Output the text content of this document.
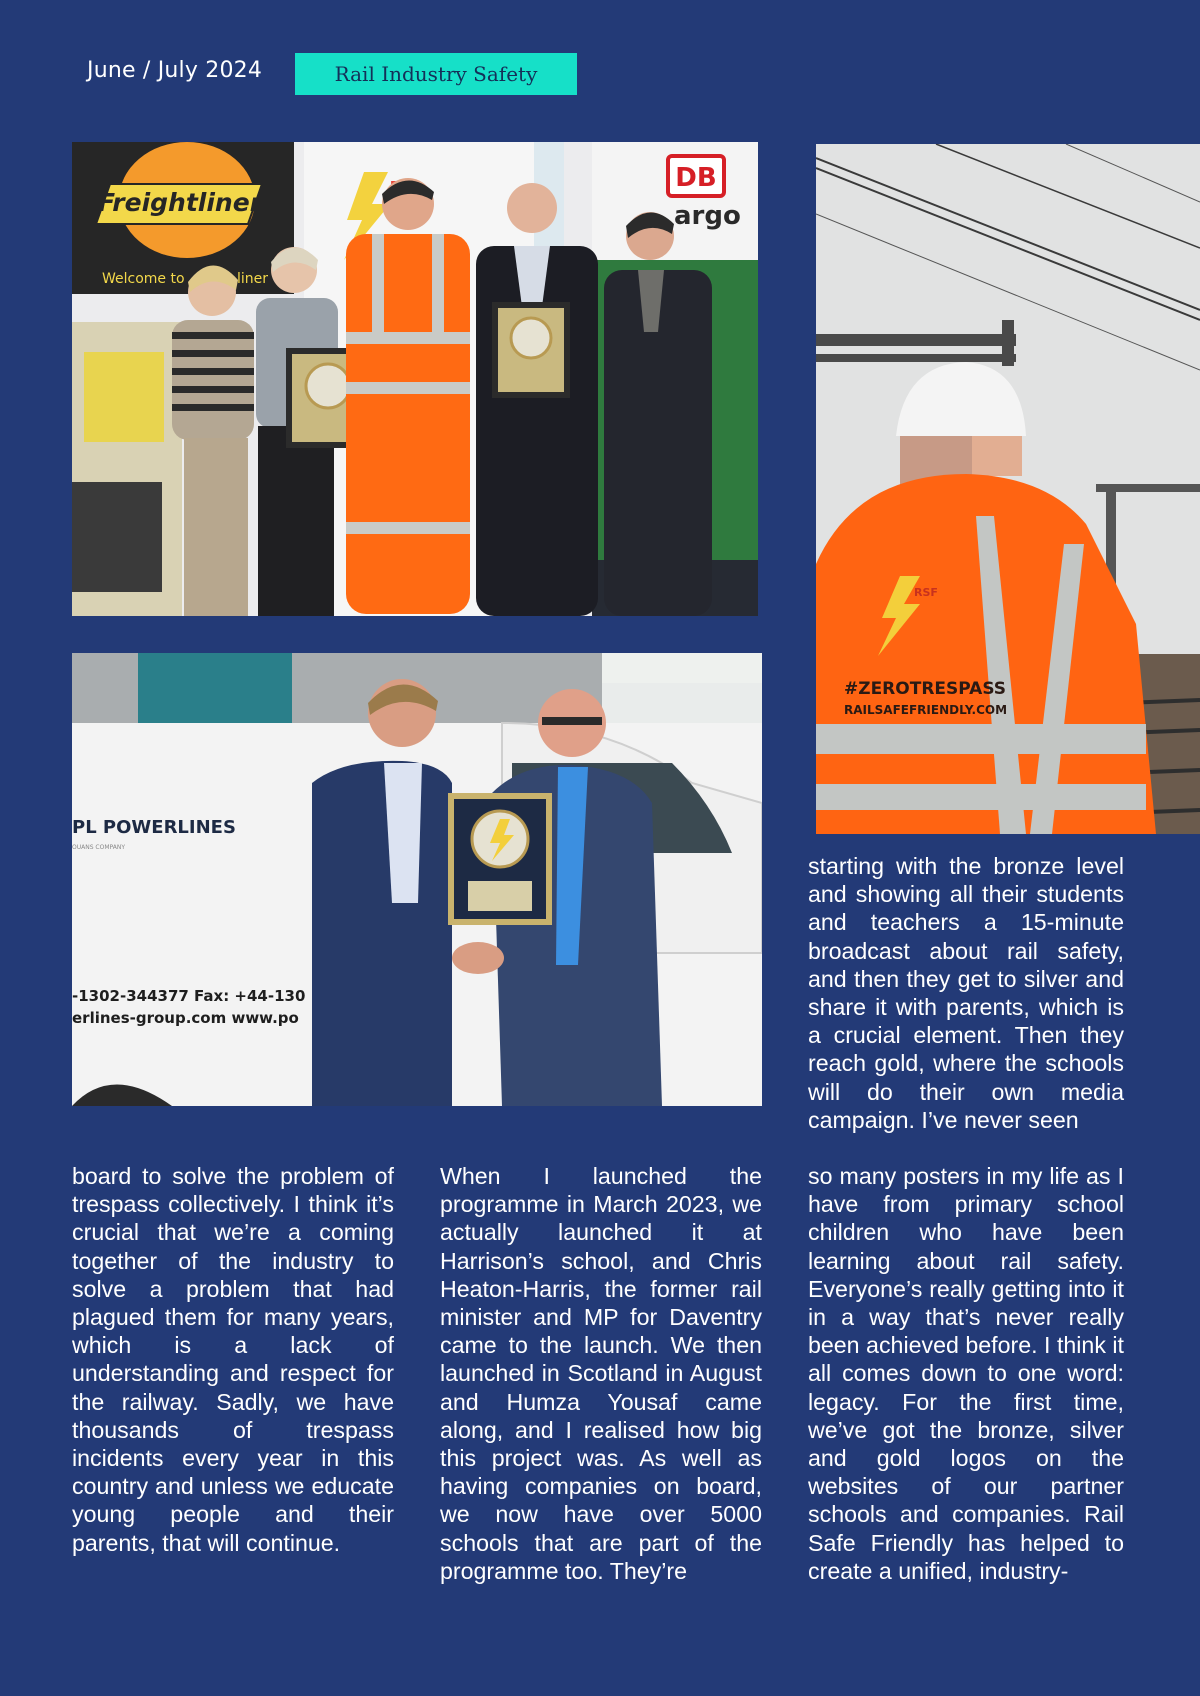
June / July 2024	Rail Industry Safety
Freightliner
Welcome to	liner
DB
argo
RSF
#ZEROTRESPASS
RAILSAFEFRIENDLY.COM
PL POWERLINES
OUANS COMPANY
-1302-344377 Fax: +44-130
erlines-group.com www.po

board to solve the problem of trespass collectively. I think it’s crucial that we’re a coming together of the industry to solve a problem that had plagued them for many years, which is a lack of understanding and respect for the railway. Sadly, we have thousands of trespass incidents every year in this country and unless we educate young people and their parents, that will continue.

When I launched the programme in March 2023, we actually launched it at Harrison’s school, and Chris Heaton-Harris, the former rail minister and MP for Daventry came to the launch. We then launched in Scotland in August and Humza Yousaf came along, and I realised how big this project was. As well as having companies on board, we now have over 5000 schools that are part of the programme too. They’re

starting with the bronze level and showing all their students and teachers a 15-minute broadcast about rail safety, and then they get to silver and share it with parents, which is a crucial element. Then they reach gold, where the schools will do their own media campaign. I’ve never seen

so many posters in my life as I have from primary school children who have been learning about rail safety. Everyone’s really getting into it in a way that’s never really been achieved before. I think it all comes down to one word: legacy. For the first time, we’ve got the bronze, silver and gold logos on the websites of our partner schools and companies. Rail Safe Friendly has helped to create a unified, industry-
